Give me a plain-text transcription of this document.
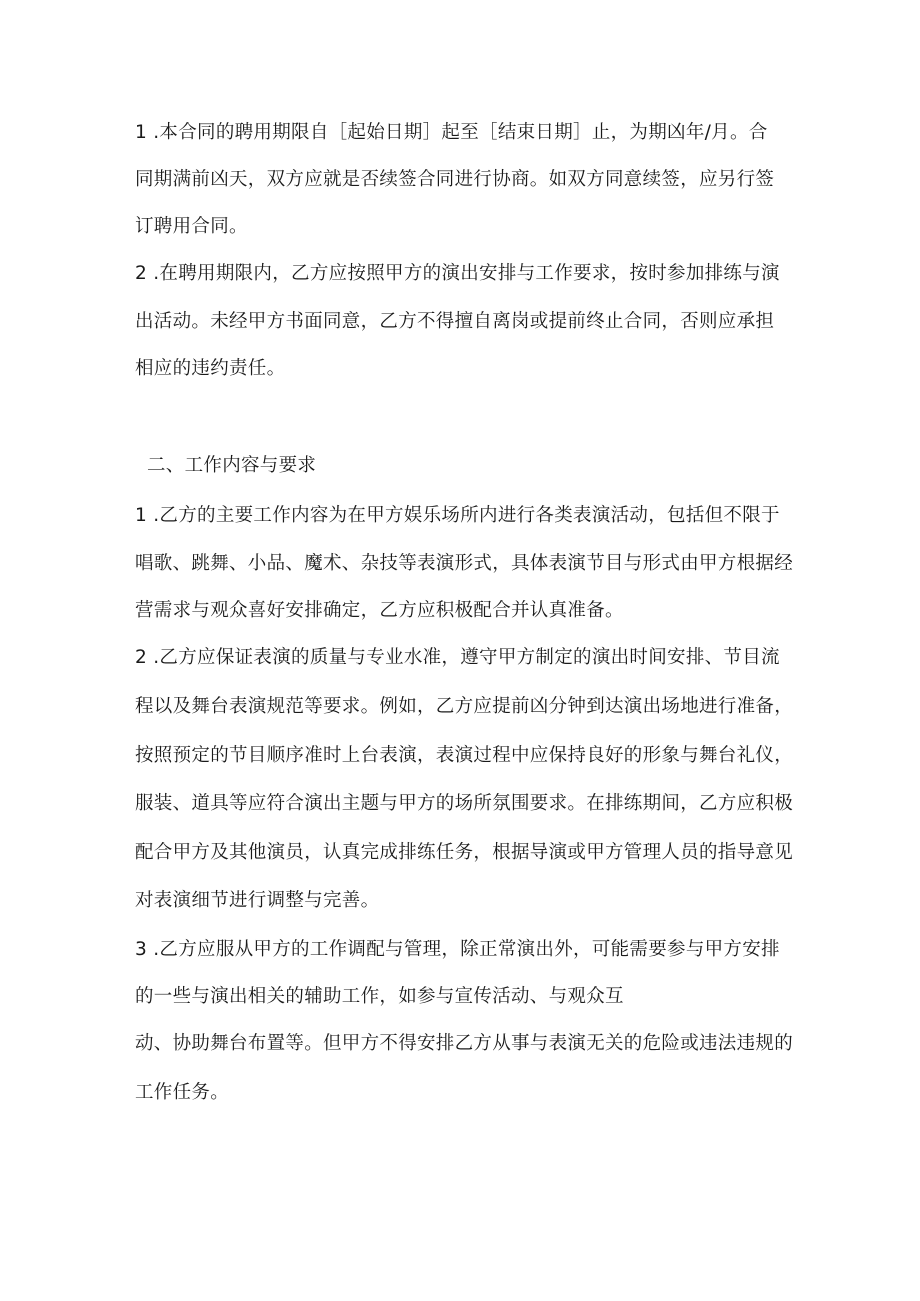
1 .本合同的聘用期限自［起始日期］起至［结束日期］止，为期凶年/月。合
同期满前凶天，双方应就是否续签合同进行协商。如双方同意续签，应另行签
订聘用合同。
2 .在聘用期限内，乙方应按照甲方的演出安排与工作要求，按时参加排练与演
出活动。未经甲方书面同意，乙方不得擅自离岗或提前终止合同，否则应承担
相应的违约责任。
二、工作内容与要求
1 .乙方的主要工作内容为在甲方娱乐场所内进行各类表演活动，包括但不限于
唱歌、跳舞、小品、魔术、杂技等表演形式，具体表演节目与形式由甲方根据经
营需求与观众喜好安排确定，乙方应积极配合并认真准备。
2 .乙方应保证表演的质量与专业水准，遵守甲方制定的演出时间安排、节目流
程以及舞台表演规范等要求。例如，乙方应提前凶分钟到达演出场地进行准备，
按照预定的节目顺序准时上台表演，表演过程中应保持良好的形象与舞台礼仪，
服装、道具等应符合演出主题与甲方的场所氛围要求。在排练期间，乙方应积极
配合甲方及其他演员，认真完成排练任务，根据导演或甲方管理人员的指导意见
对表演细节进行调整与完善。
3 .乙方应服从甲方的工作调配与管理，除正常演出外，可能需要参与甲方安排
的一些与演出相关的辅助工作，如参与宣传活动、与观众互
动、协助舞台布置等。但甲方不得安排乙方从事与表演无关的危险或违法违规的
工作任务。
